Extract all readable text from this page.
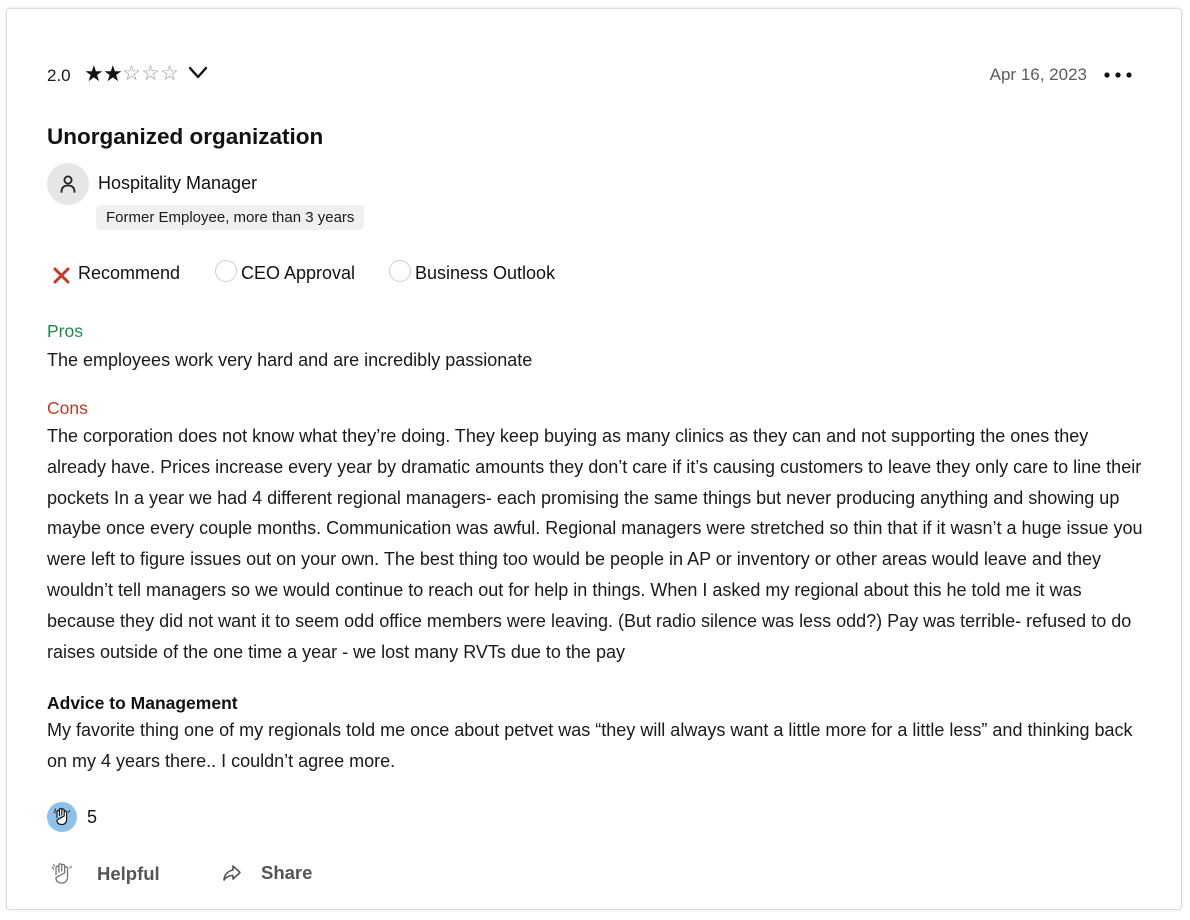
2.0 ★ ★ ☆ ☆ ☆	Apr 16, 2023
Unorganized organization
Hospitality Manager
Former Employee, more than 3 years
Recommend	CEO Approval	Business Outlook
Pros

The employees work very hard and are incredibly passionate

Cons

The corporation does not know what they’re doing. They keep buying as many clinics as they can and not supporting the ones they already have. Prices increase every year by dramatic amounts they don’t care if it’s causing customers to leave they only care to line their pockets In a year we had 4 different regional managers- each promising the same things but never producing anything and showing up maybe once every couple months. Communication was awful. Regional managers were stretched so thin that if it wasn’t a huge issue you were left to figure issues out on your own. The best thing too would be people in AP or inventory or other areas would leave and they wouldn’t tell managers so we would continue to reach out for help in things. When I asked my regional about this he told me it was because they did not want it to seem odd office members were leaving. (But radio silence was less odd?) Pay was terrible- refused to do raises outside of the one time a year - we lost many RVTs due to the pay

Advice to Management

My favorite thing one of my regionals told me once about petvet was “they will always want a little more for a little less” and thinking back on my 4 years there.. I couldn’t agree more.

5
Helpful	Share
